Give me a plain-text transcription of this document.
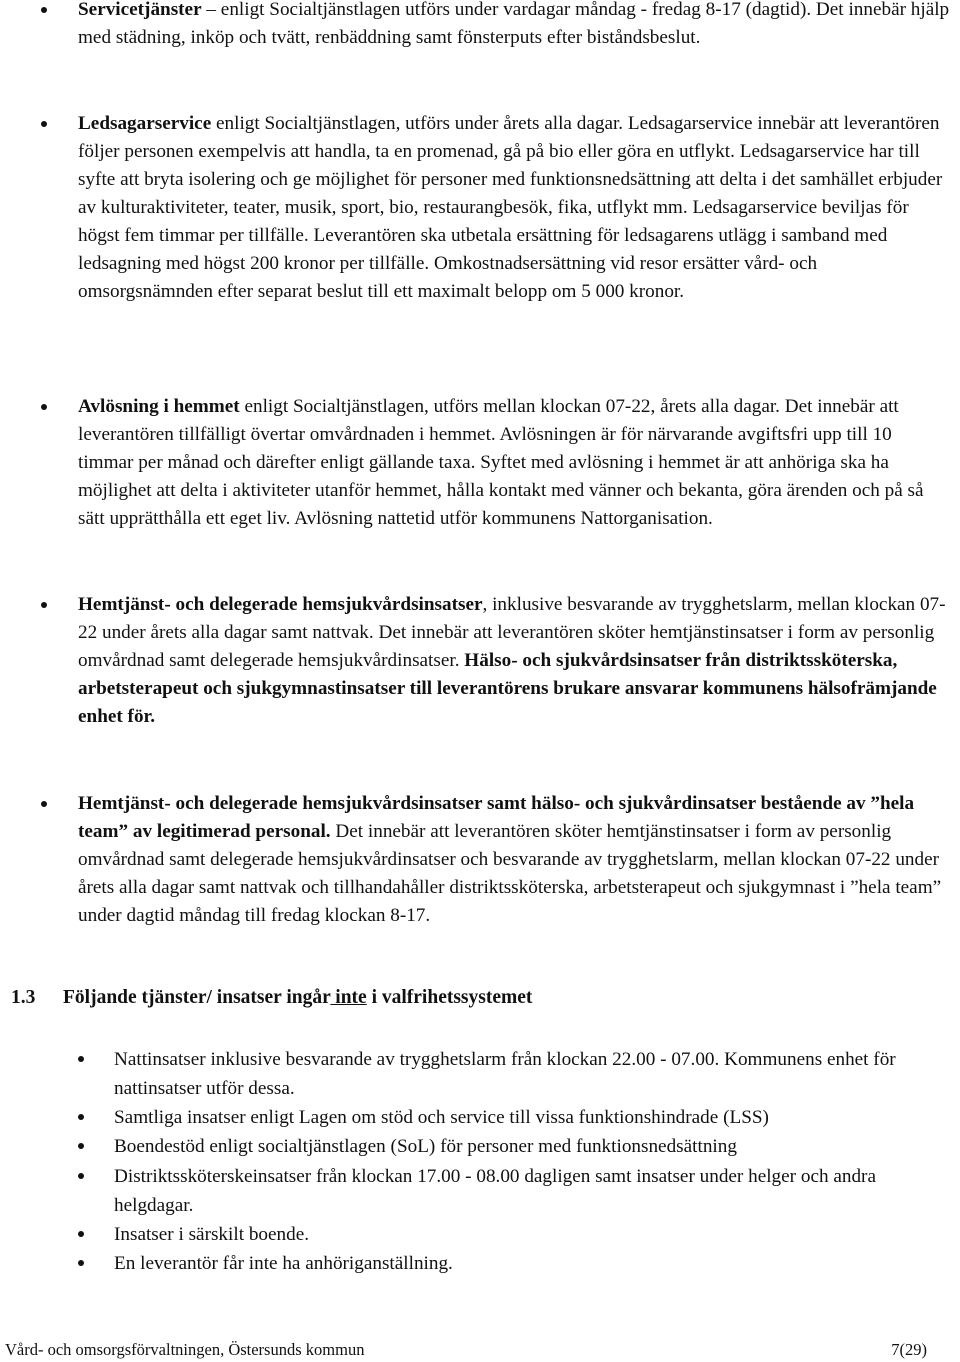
Servicetjänster – enligt Socialtjänstlagen utförs under vardagar måndag - fredag 8-17 (dagtid). Det innebär hjälp med städning, inköp och tvätt, renbäddning samt fönsterputs efter biståndsbeslut.
Ledsagarservice enligt Socialtjänstlagen, utförs under årets alla dagar. Ledsagarservice innebär att leverantören följer personen exempelvis att handla, ta en promenad, gå på bio eller göra en utflykt. Ledsagarservice har till syfte att bryta isolering och ge möjlighet för personer med funktionsnedsättning att delta i det samhället erbjuder av kulturaktiviteter, teater, musik, sport, bio, restaurangbesök, fika, utflykt mm. Ledsagarservice beviljas för högst fem timmar per tillfälle. Leverantören ska utbetala ersättning för ledsagarens utlägg i samband med ledsagning med högst 200 kronor per tillfälle. Omkostnadsersättning vid resor ersätter vård- och omsorgsnämnden efter separat beslut till ett maximalt belopp om 5 000 kronor.
Avlösning i hemmet enligt Socialtjänstlagen, utförs mellan klockan 07-22, årets alla dagar. Det innebär att leverantören tillfälligt övertar omvårdnaden i hemmet. Avlösningen är för närvarande avgiftsfri upp till 10 timmar per månad och därefter enligt gällande taxa. Syftet med avlösning i hemmet är att anhöriga ska ha möjlighet att delta i aktiviteter utanför hemmet, hålla kontakt med vänner och bekanta, göra ärenden och på så sätt upprätthålla ett eget liv. Avlösning nattetid utför kommunens Nattorganisation.
Hemtjänst- och delegerade hemsjukvårdsinsatser, inklusive besvarande av trygghetslarm, mellan klockan 07-22 under årets alla dagar samt nattvak. Det innebär att leverantören sköter hemtjänstinsatser i form av personlig omvårdnad samt delegerade hemsjukvårdinsatser. Hälso- och sjukvårdsinsatser från distriktssköterska, arbetsterapeut och sjukgymnastinsatser till leverantörens brukare ansvarar kommunens hälsofrämjande enhet för.
Hemtjänst- och delegerade hemsjukvårdsinsatser samt hälso- och sjukvårdinsatser bestående av ”hela team” av legitimerad personal. Det innebär att leverantören sköter hemtjänstinsatser i form av personlig omvårdnad samt delegerade hemsjukvårdinsatser och besvarande av trygghetslarm, mellan klockan 07-22 under årets alla dagar samt nattvak och tillhandahåller distriktssköterska, arbetsterapeut och sjukgymnast i ”hela team” under dagtid måndag till fredag klockan 8-17.
1.3 Följande tjänster/ insatser ingår inte i valfrihetssystemet
Nattinsatser inklusive besvarande av trygghetslarm från klockan 22.00 - 07.00. Kommunens enhet för nattinsatser utför dessa.
Samtliga insatser enligt Lagen om stöd och service till vissa funktionshindrade (LSS)
Boendestöd enligt socialtjänstlagen (SoL) för personer med funktionsnedsättning
Distriktssköterskeinsatser från klockan 17.00 - 08.00 dagligen samt insatser under helger och andra helgdagar.
Insatser i särskilt boende.
En leverantör får inte ha anhöriganställning.
Vård- och omsorgsförvaltningen, Östersunds kommun	7(29)
